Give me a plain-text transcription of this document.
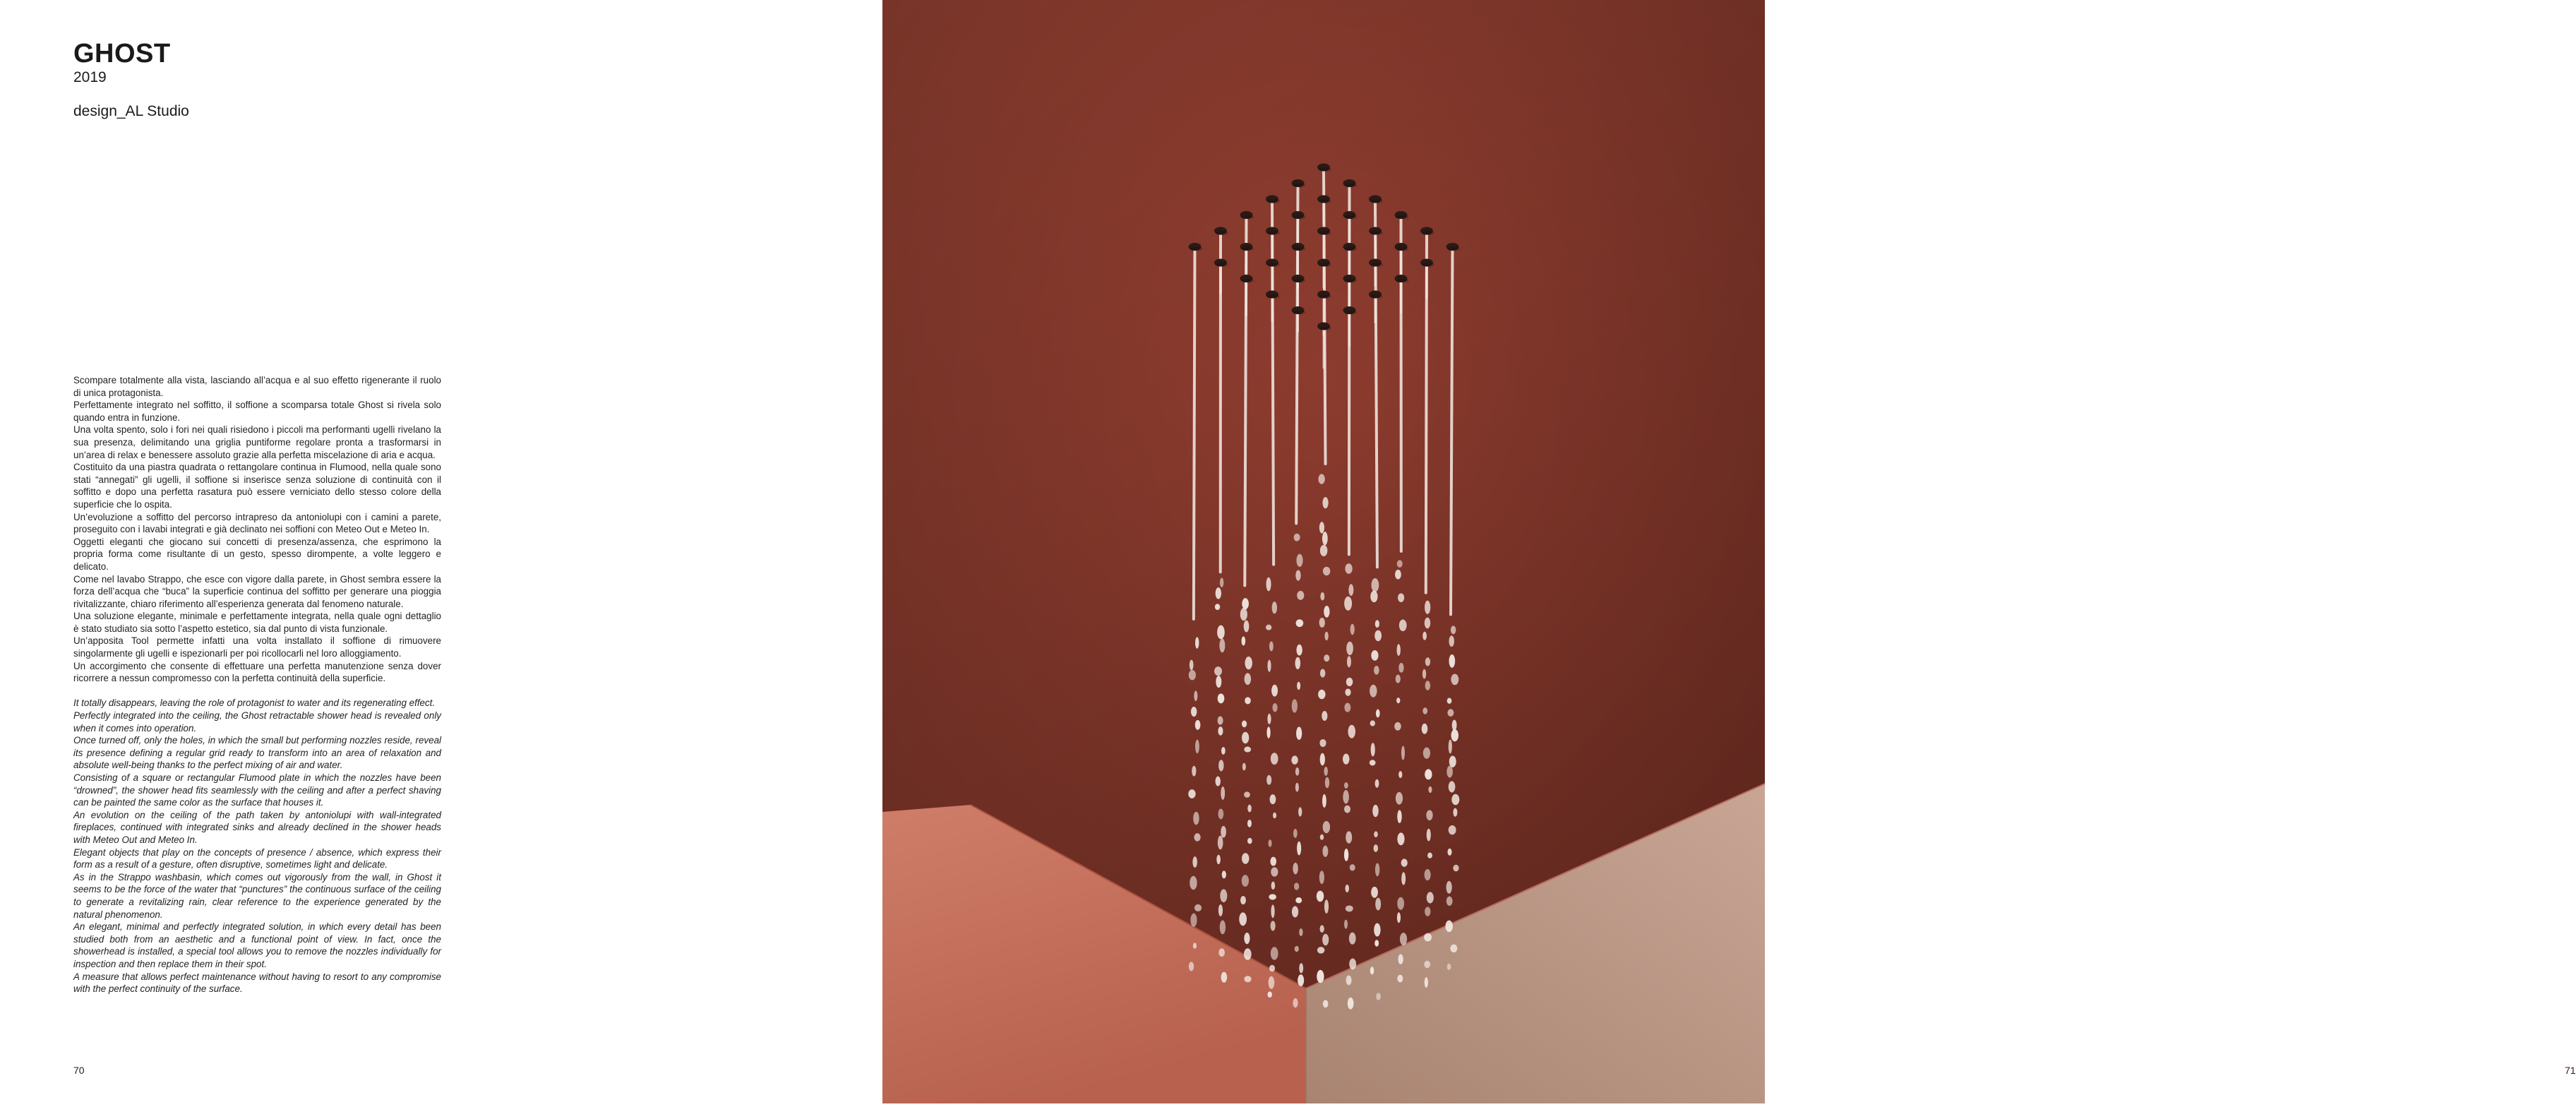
GHOST
2019
design_AL Studio

Scompare totalmente alla vista, lasciando all’acqua e al suo effetto rigenerante il ruolo di unica protagonista.

Perfettamente integrato nel soffitto, il soffione a scomparsa totale Ghost si rivela solo quando entra in funzione.

Una volta spento, solo i fori nei quali risiedono i piccoli ma performanti ugelli rivelano la sua presenza, delimitando una griglia puntiforme regolare pronta a trasformarsi in un’area di relax e benessere assoluto grazie alla perfetta miscelazione di aria e acqua.

Costituito da una piastra quadrata o rettangolare continua in Flumood, nella quale sono stati “annegati” gli ugelli, il soffione si inserisce senza soluzione di continuità con il soffitto e dopo una perfetta rasatura può essere verniciato dello stesso colore della superficie che lo ospita.

Un’evoluzione a soffitto del percorso intrapreso da antoniolupi con i camini a parete, proseguito con i lavabi integrati e già declinato nei soffioni con Meteo Out e Meteo In.

Oggetti eleganti che giocano sui concetti di presenza/assenza, che esprimono la propria forma come risultante di un gesto, spesso dirompente, a volte leggero e delicato.

Come nel lavabo Strappo, che esce con vigore dalla parete, in Ghost sembra essere la forza dell’acqua che “buca” la superficie continua del soffitto per generare una pioggia rivitalizzante, chiaro riferimento all’esperienza generata dal fenomeno naturale.

Una soluzione elegante, minimale e perfettamente integrata, nella quale ogni dettaglio è stato studiato sia sotto l’aspetto estetico, sia dal punto di vista funzionale.

Un’apposita Tool permette infatti una volta installato il soffione di rimuovere singolarmente gli ugelli e ispezionarli per poi ricollocarli nel loro alloggiamento.

Un accorgimento che consente di effettuare una perfetta manutenzione senza dover ricorrere a nessun compromesso con la perfetta continuità della superficie.

It totally disappears, leaving the role of protagonist to water and its regenerating effect.

Perfectly integrated into the ceiling, the Ghost retractable shower head is revealed only when it comes into operation.

Once turned off, only the holes, in which the small but performing nozzles reside, reveal its presence defining a regular grid ready to transform into an area of relaxation and absolute well-being thanks to the perfect mixing of air and water.

Consisting of a square or rectangular Flumood plate in which the nozzles have been “drowned”, the shower head fits seamlessly with the ceiling and after a perfect shaving can be painted the same color as the surface that houses it.

An evolution on the ceiling of the path taken by antoniolupi with wall-integrated fireplaces, continued with integrated sinks and already declined in the shower heads with Meteo Out and Meteo In.

Elegant objects that play on the concepts of presence / absence, which express their form as a result of a gesture, often disruptive, sometimes light and delicate.

As in the Strappo washbasin, which comes out vigorously from the wall, in Ghost it seems to be the force of the water that “punctures” the continuous surface of the ceiling to generate a revitalizing rain, clear reference to the experience generated by the natural phenomenon.

An elegant, minimal and perfectly integrated solution, in which every detail has been studied both from an aesthetic and a functional point of view. In fact, once the showerhead is installed, a special tool allows you to remove the nozzles individually for inspection and then replace them in their spot.

A measure that allows perfect maintenance without having to resort to any compromise with the perfect continuity of the surface.

70	71
